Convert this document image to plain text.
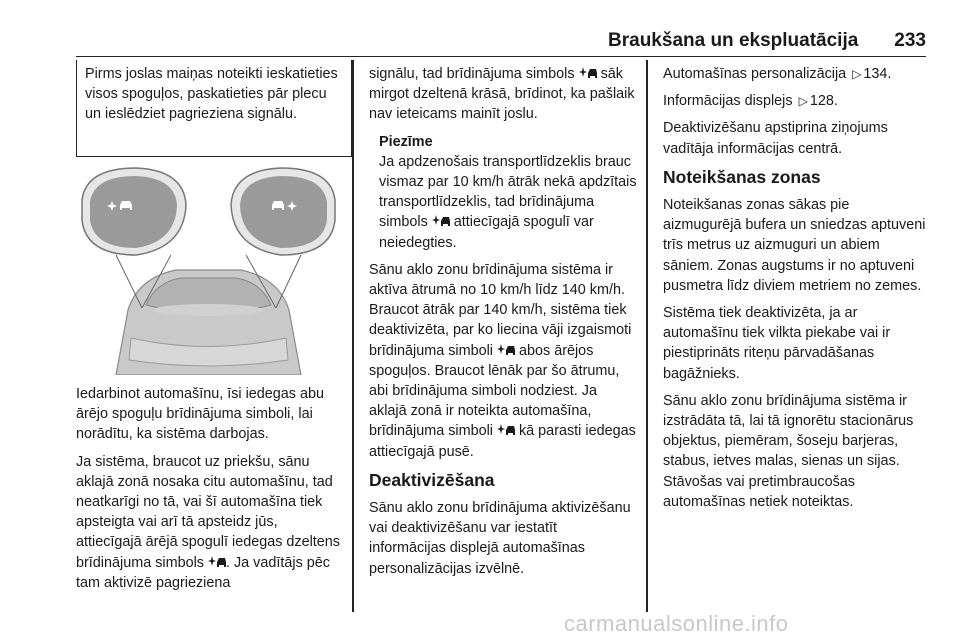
Braukšana un ekspluatācija 233
Pirms joslas maiņas noteikti ieskatieties visos spoguļos, paskatieties pār plecu un ieslēdziet pagrieziena signālu.

Iedarbinot automašīnu, īsi iedegas abu ārējo spoguļu brīdinājuma simboli, lai norādītu, ka sistēma darbojas.

Ja sistēma, braucot uz priekšu, sānu aklajā zonā nosaka citu automašīnu, tad neatkarīgi no tā, vai šī automašīna tiek apsteigta vai arī tā apsteidz jūs, attiecīgajā ārējā spogulī iedegas dzeltens brīdinājuma simbols . Ja vadītājs pēc tam aktivizē pagrieziena

signālu, tad brīdinājuma simbols sāk mirgot dzeltenā krāsā, brīdinot, ka pašlaik nav ieteicams mainīt joslu.

Piezīme
Ja apdzenošais transportlīdzeklis brauc vismaz par 10 km/h ātrāk nekā apdzītais transportlīdzeklis, tad brīdinājuma simbols attiecīgajā spogulī var neiedegties.

Sānu aklo zonu brīdinājuma sistēma ir aktīva ātrumā no 10 km/h līdz 140 km/h. Braucot ātrāk par 140 km/h, sistēma tiek deaktivizēta, par ko liecina vāji izgaismoti brīdinājuma simboli abos ārējos spoguļos. Braucot lēnāk par šo ātrumu, abi brīdinājuma simboli nodziest. Ja aklajā zonā ir noteikta automašīna, brīdinājuma simboli kā parasti iedegas attiecīgajā pusē.

Deaktivizēšana

Sānu aklo zonu brīdinājuma aktivizēšanu vai deaktivizēšanu var iestatīt informācijas displejā automašīnas personalizācijas izvēlnē.

Automašīnas personalizācija ▷ 134.

Informācijas displejs ▷ 128.

Deaktivizēšanu apstiprina ziņojums vadītāja informācijas centrā.

Noteikšanas zonas

Noteikšanas zonas sākas pie aizmugurējā bufera un sniedzas aptuveni trīs metrus uz aizmuguri un abiem sāniem. Zonas augstums ir no aptuveni pusmetra līdz diviem metriem no zemes.

Sistēma tiek deaktivizēta, ja ar automašīnu tiek vilkta piekabe vai ir piestiprināts riteņu pārvadāšanas bagāžnieks.

Sānu aklo zonu brīdinājuma sistēma ir izstrādāta tā, lai tā ignorētu stacionārus objektus, piemēram, šoseju barjeras, stabus, ietves malas, sienas un sijas. Stāvošas vai pretimbraucošas automašīnas netiek noteiktas.

carmanualsonline.info
